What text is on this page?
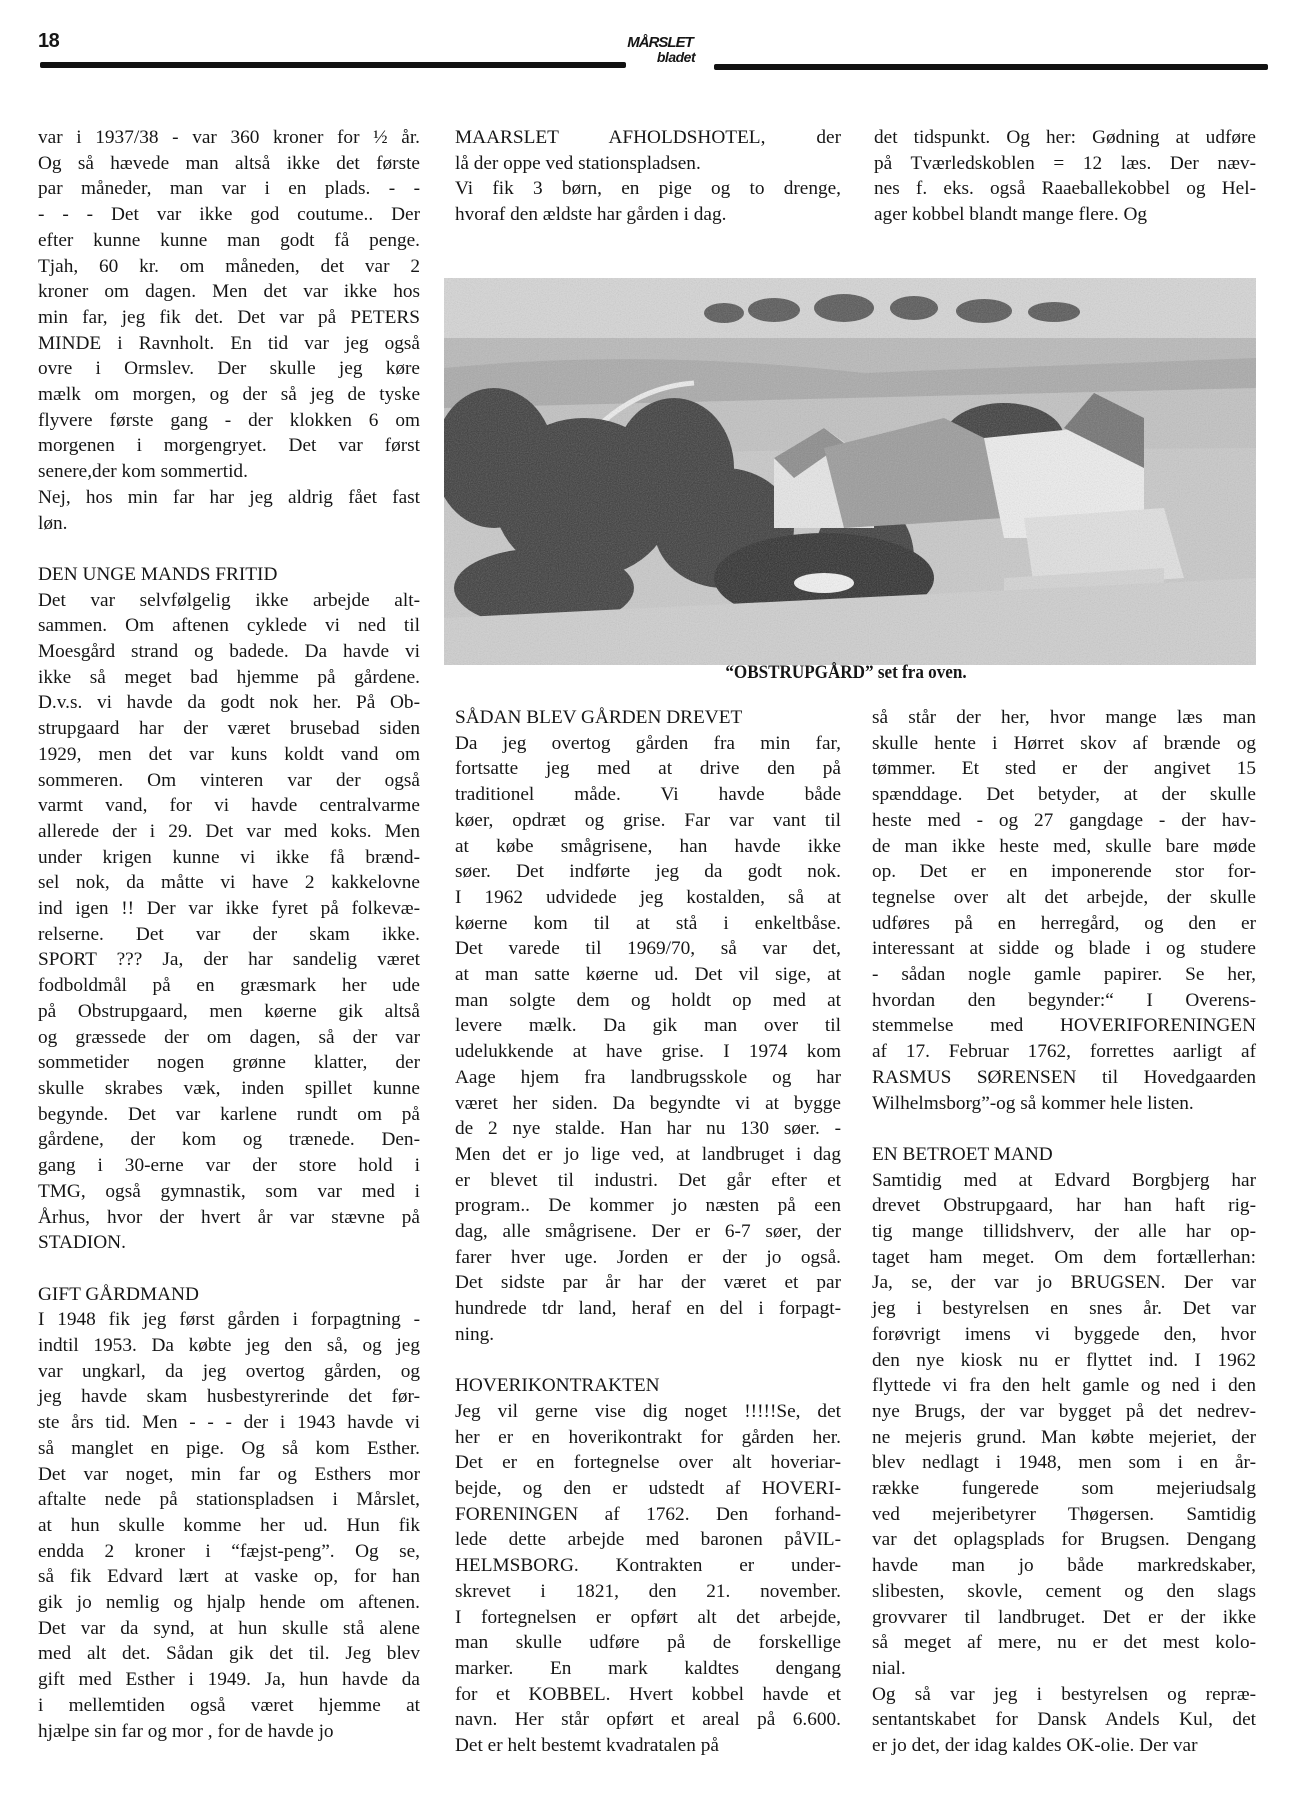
18	MÅRSLET
bladet
var i 1937/38 - var 360 kroner for ½ år.
Og så hævede man altså ikke det første
par måneder, man var i en plads. - -
- - - Det var ikke god coutume.. Der
efter kunne kunne man godt få penge.
Tjah, 60 kr. om måneden, det var 2
kroner om dagen. Men det var ikke hos
min far, jeg fik det. Det var på PETERS
MINDE i Ravnholt. En tid var jeg også
ovre i Ormslev. Der skulle jeg køre
mælk om morgen, og der så jeg de tyske
flyvere første gang - der klokken 6 om
morgenen i morgengryet. Det var først
senere,der kom sommertid.
Nej, hos min far har jeg aldrig fået fast
løn.
DEN UNGE MANDS FRITID
Det var selvfølgelig ikke arbejde alt-
sammen. Om aftenen cyklede vi ned til
Moesgård strand og badede. Da havde vi
ikke så meget bad hjemme på gårdene.
D.v.s. vi havde da godt nok her. På Ob-
strupgaard har der været brusebad siden
1929, men det var kuns koldt vand om
sommeren. Om vinteren var der også
varmt vand, for vi havde centralvarme
allerede der i 29. Det var med koks. Men
under krigen kunne vi ikke få brænd-
sel nok, da måtte vi have 2 kakkelovne
ind igen !! Der var ikke fyret på folkevæ-
relserne. Det var der skam ikke.
SPORT ??? Ja, der har sandelig været
fodboldmål på en græsmark her ude
på Obstrupgaard, men køerne gik altså
og græssede der om dagen, så der var
sommetider nogen grønne klatter, der
skulle skrabes væk, inden spillet kunne
begynde. Det var karlene rundt om på
gårdene, der kom og trænede. Den-
gang i 30-erne var der store hold i
TMG, også gymnastik, som var med i
Århus, hvor der hvert år var stævne på
STADION.
GIFT GÅRDMAND
I 1948 fik jeg først gården i forpagtning -
indtil 1953. Da købte jeg den så, og jeg
var ungkarl, da jeg overtog gården, og
jeg havde skam husbestyrerinde det før-
ste års tid. Men - - - der i 1943 havde vi
så manglet en pige. Og så kom Esther.
Det var noget, min far og Esthers mor
aftalte nede på stationspladsen i Mårslet,
at hun skulle komme her ud. Hun fik
endda 2 kroner i “fæjst-peng”. Og se,
så fik Edvard lært at vaske op, for han
gik jo nemlig og hjalp hende om aftenen.
Det var da synd, at hun skulle stå alene
med alt det. Sådan gik det til. Jeg blev
gift med Esther i 1949. Ja, hun havde da
i mellemtiden også været hjemme at
hjælpe sin far og mor , for de havde jo
MAARSLET AFHOLDSHOTEL, der
lå der oppe ved stationspladsen.
Vi fik 3 børn, en pige og to drenge,
hvoraf den ældste har gården i dag.
det tidspunkt. Og her: Gødning at udføre
på Tværledskoblen = 12 læs. Der næv-
nes f. eks. også Raaeballekobbel og Hel-
ager kobbel blandt mange flere. Og
“OBSTRUPGÅRD” set fra oven.
SÅDAN BLEV GÅRDEN DREVET
Da jeg overtog gården fra min far,
fortsatte jeg med at drive den på
traditionel måde. Vi havde både
køer, opdræt og grise. Far var vant til
at købe smågrisene, han havde ikke
søer. Det indførte jeg da godt nok.
I 1962 udvidede jeg kostalden, så at
køerne kom til at stå i enkeltbåse.
Det varede til 1969/70, så var det,
at man satte køerne ud. Det vil sige, at
man solgte dem og holdt op med at
levere mælk. Da gik man over til
udelukkende at have grise. I 1974 kom
Aage hjem fra landbrugsskole og har
været her siden. Da begyndte vi at bygge
de 2 nye stalde. Han har nu 130 søer. -
Men det er jo lige ved, at landbruget i dag
er blevet til industri. Det går efter et
program.. De kommer jo næsten på een
dag, alle smågrisene. Der er 6-7 søer, der
farer hver uge. Jorden er der jo også.
Det sidste par år har der været et par
hundrede tdr land, heraf en del i forpagt-
ning.
HOVERIKONTRAKTEN
Jeg vil gerne vise dig noget !!!!!Se, det
her er en hoverikontrakt for gården her.
Det er en fortegnelse over alt hoveriar-
bejde, og den er udstedt af HOVERI-
FORENINGEN af 1762. Den forhand-
lede dette arbejde med baronen påVIL-
HELMSBORG. Kontrakten er under-
skrevet i 1821, den 21. november.
I fortegnelsen er opført alt det arbejde,
man skulle udføre på de forskellige
marker. En mark kaldtes dengang
for et KOBBEL. Hvert kobbel havde et
navn. Her står opført et areal på 6.600.
Det er helt bestemt kvadratalen på
så står der her, hvor mange læs man
skulle hente i Hørret skov af brænde og
tømmer. Et sted er der angivet 15
spænddage. Det betyder, at der skulle
heste med - og 27 gangdage - der hav-
de man ikke heste med, skulle bare møde
op. Det er en imponerende stor for-
tegnelse over alt det arbejde, der skulle
udføres på en herregård, og den er
interessant at sidde og blade i og studere
- sådan nogle gamle papirer. Se her,
hvordan den begynder:“ I Overens-
stemmelse med HOVERIFORENINGEN
af 17. Februar 1762, forrettes aarligt af
RASMUS SØRENSEN til Hovedgaarden
Wilhelmsborg”-og så kommer hele listen.
EN BETROET MAND
Samtidig med at Edvard Borgbjerg har
drevet Obstrupgaard, har han haft rig-
tig mange tillidshverv, der alle har op-
taget ham meget. Om dem fortællerhan:
Ja, se, der var jo BRUGSEN. Der var
jeg i bestyrelsen en snes år. Det var
forøvrigt imens vi byggede den, hvor
den nye kiosk nu er flyttet ind. I 1962
flyttede vi fra den helt gamle og ned i den
nye Brugs, der var bygget på det nedrev-
ne mejeris grund. Man købte mejeriet, der
blev nedlagt i 1948, men som i en år-
række fungerede som mejeriudsalg
ved mejeribetyrer Thøgersen. Samtidig
var det oplagsplads for Brugsen. Dengang
havde man jo både markredskaber,
slibesten, skovle, cement og den slags
grovvarer til landbruget. Det er der ikke
så meget af mere, nu er det mest kolo-
nial.
Og så var jeg i bestyrelsen og repræ-
sentantskabet for Dansk Andels Kul, det
er jo det, der idag kaldes OK-olie. Der var
